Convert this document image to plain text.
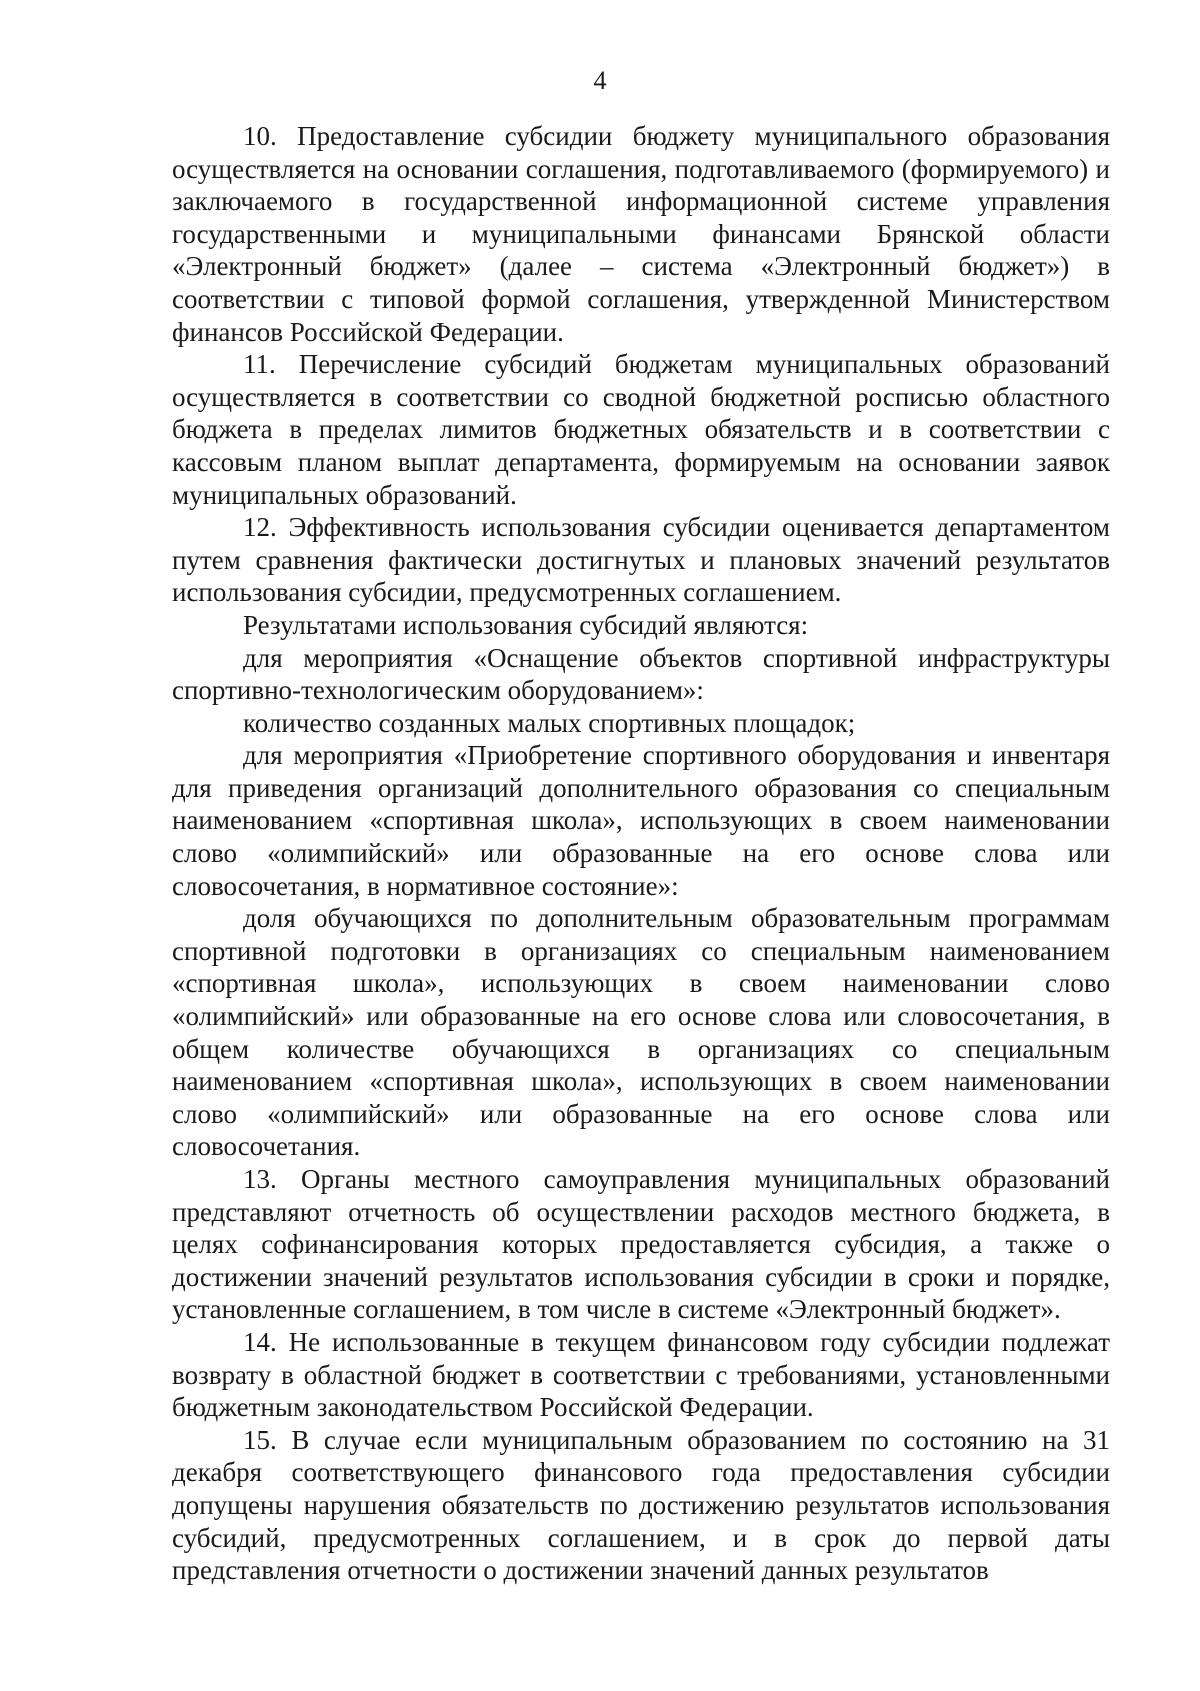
4

10. Предоставление субсидии бюджету муниципального образования осуществляется на основании соглашения, подготавливаемого (формируемого) и заключаемого в государственной информационной системе управления государственными и муниципальными финансами Брянской области «Электронный бюджет» (далее – система «Электронный бюджет») в соответствии с типовой формой соглашения, утвержденной Министерством финансов Российской Федерации.

11. Перечисление субсидий бюджетам муниципальных образований осуществляется в соответствии со сводной бюджетной росписью областного бюджета в пределах лимитов бюджетных обязательств и в соответствии с кассовым планом выплат департамента, формируемым на основании заявок муниципальных образований.

12. Эффективность использования субсидии оценивается департаментом путем сравнения фактически достигнутых и плановых значений результатов использования субсидии, предусмотренных соглашением.

Результатами использования субсидий являются:

для мероприятия «Оснащение объектов спортивной инфраструктуры спортивно-технологическим оборудованием»:

количество созданных малых спортивных площадок;

для мероприятия «Приобретение спортивного оборудования и инвентаря для приведения организаций дополнительного образования со специальным наименованием «спортивная школа», использующих в своем наименовании слово «олимпийский» или образованные на его основе слова или словосочетания, в нормативное состояние»:

доля обучающихся по дополнительным образовательным программам спортивной подготовки в организациях со специальным наименованием «спортивная школа», использующих в своем наименовании слово «олимпийский» или образованные на его основе слова или словосочетания, в общем количестве обучающихся в организациях со специальным наименованием «спортивная школа», использующих в своем наименовании слово «олимпийский» или образованные на его основе слова или словосочетания.

13. Органы местного самоуправления муниципальных образований представляют отчетность об осуществлении расходов местного бюджета, в целях софинансирования которых предоставляется субсидия, а также о достижении значений результатов использования субсидии в сроки и порядке, установленные соглашением, в том числе в системе «Электронный бюджет».

14. Не использованные в текущем финансовом году субсидии подлежат возврату в областной бюджет в соответствии с требованиями, установленными бюджетным законодательством Российской Федерации.

15. В случае если муниципальным образованием по состоянию на 31 декабря соответствующего финансового года предоставления субсидии допущены нарушения обязательств по достижению результатов использования субсидий, предусмотренных соглашением, и в срок до первой даты представления отчетности о достижении значений данных результатов
